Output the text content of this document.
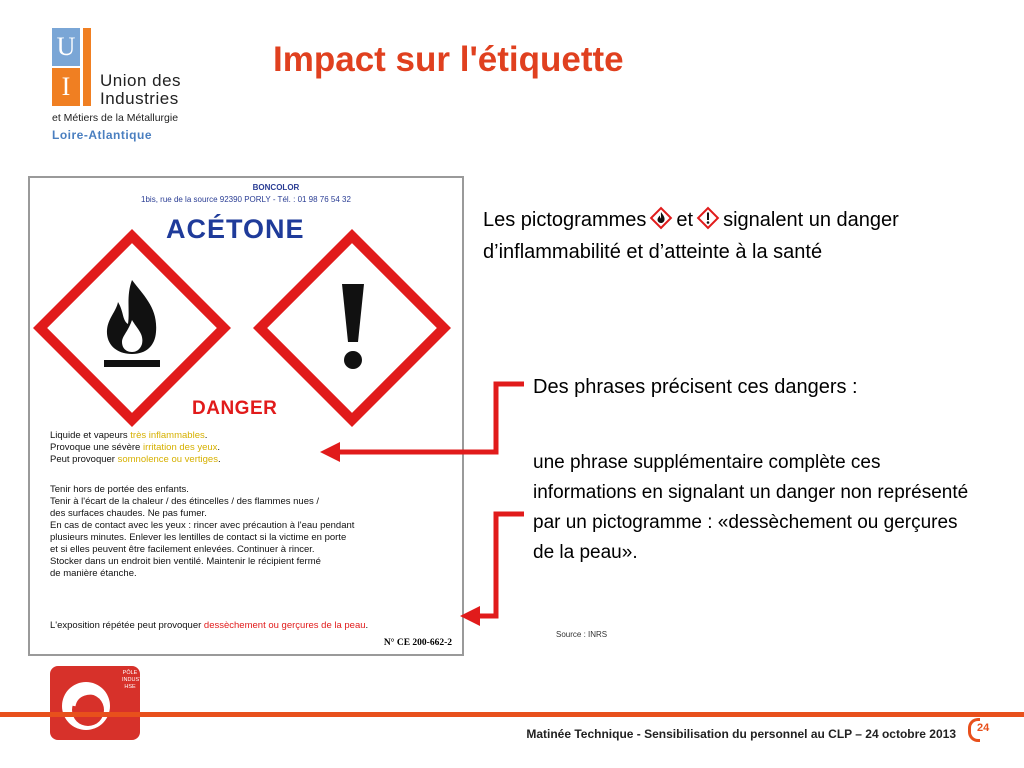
U
I	Union des
Industries
et Métiers de la Métallurgie
Loire-Atlantique
Impact sur l'étiquette
BONCOLOR
1bis, rue de la source 92390 PORLY - Tél. : 01 98 76 54 32
ACÉTONE
DANGER
Liquide et vapeurs très inflammables.
Provoque une sévère irritation des yeux.
Peut provoquer somnolence ou vertiges.
Tenir hors de portée des enfants.
Tenir à l'écart de la chaleur / des étincelles / des flammes nues /
des surfaces chaudes. Ne pas fumer.
En cas de contact avec les yeux : rincer avec précaution à l'eau pendant
plusieurs minutes. Enlever les lentilles de contact si la victime en porte
et si elles peuvent être facilement enlevées. Continuer à rincer.
Stocker dans un endroit bien ventilé. Maintenir le récipient fermé
de manière étanche.
L'exposition répétée peut provoquer dessèchement ou gerçures de la peau.
N° CE 200-662-2
Les pictogrammes et signalent un danger
d’inflammabilité et d’atteinte à la santé
Des phrases précisent ces dangers :
une phrase supplémentaire complète ces informations en signalant un danger non représenté par un pictogramme : «dessèchement ou gerçures de la peau».
Source : INRS
PÔLE
INDUSTRIEL HSE
Matinée Technique - Sensibilisation du personnel au CLP – 24 octobre 2013 24
